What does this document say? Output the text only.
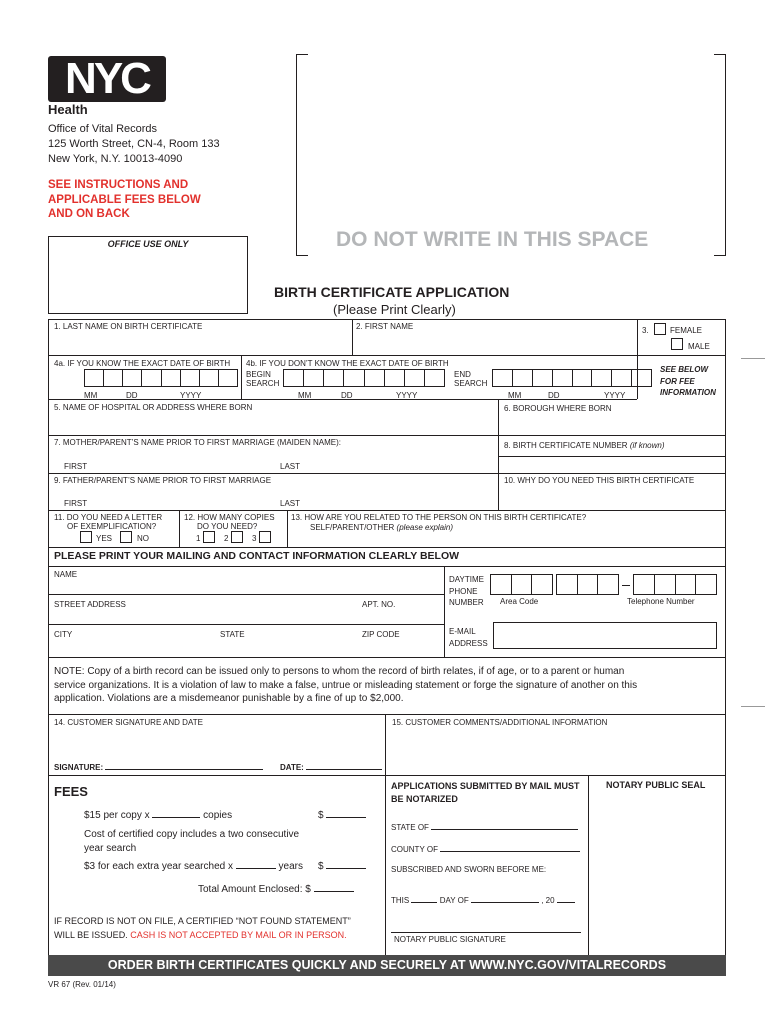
NYC	™
Health
Office of Vital Records
125 Worth Street, CN-4, Room 133
New York, N.Y. 10013-4090
SEE INSTRUCTIONS AND
APPLICABLE FEES BELOW
AND ON BACK
OFFICE USE ONLY	DO NOT WRITE IN THIS SPACE
BIRTH CERTIFICATE APPLICATION
(Please Print Clearly)
1. LAST NAME ON BIRTH CERTIFICATE	2. FIRST NAME	3.	FEMALE
MALE
4a. IF YOU KNOW THE EXACT DATE OF BIRTH
MM	DD	YYYY
4b. IF YOU DON’T KNOW THE EXACT DATE OF BIRTH
BEGIN
SEARCH
MM	DD	YYYY
END
SEARCH
MM	DD	YYYY
SEE BELOW
FOR FEE
INFORMATION
5. NAME OF HOSPITAL OR ADDRESS WHERE BORN	6. BOROUGH WHERE BORN
7. MOTHER/PARENT’S NAME PRIOR TO FIRST MARRIAGE (MAIDEN NAME):
FIRST	LAST
8. BIRTH CERTIFICATE NUMBER (if known)
9. FATHER/PARENT’S NAME PRIOR TO FIRST MARRIAGE
FIRST	LAST
10. WHY DO YOU NEED THIS BIRTH CERTIFICATE
11. DO YOU NEED A LETTER
OF EXEMPLIFICATION?
YES	NO
12. HOW MANY COPIES
DO YOU NEED?
1	2	3
13. HOW ARE YOU RELATED TO THE PERSON ON THIS BIRTH CERTIFICATE?
SELF/PARENT/OTHER (please explain)
PLEASE PRINT YOUR MAILING AND CONTACT INFORMATION CLEARLY BELOW
NAME
STREET ADDRESS	APT. NO.
CITY	STATE	ZIP CODE
DAYTIME
PHONE
NUMBER Area Code	Telephone Number
E-MAIL
ADDRESS
NOTE: Copy of a birth record can be issued only to persons to whom the record of birth relates, if of age, or to a parent or human
service organizations. It is a violation of law to make a false, untrue or misleading statement or forge the signature of another on this
application. Violations are a misdemeanor punishable by a fine of up to $2,000.
14. CUSTOMER SIGNATURE AND DATE
SIGNATURE:	DATE:
15. CUSTOMER COMMENTS/ADDITIONAL INFORMATION
FEES
$15 per copy x	copies	$
Cost of certified copy includes a two consecutive
year search
$3 for each extra year searched x	years $
Total Amount Enclosed: $
IF RECORD IS NOT ON FILE, A CERTIFIED “NOT FOUND STATEMENT”
WILL BE ISSUED. CASH IS NOT ACCEPTED BY MAIL OR IN PERSON.
APPLICATIONS SUBMITTED BY MAIL MUST
BE NOTARIZED
NOTARY PUBLIC SEAL
STATE OF
COUNTY OF
SUBSCRIBED AND SWORN BEFORE ME:
THIS	DAY OF	, 20
NOTARY PUBLIC SIGNATURE
ORDER BIRTH CERTIFICATES QUICKLY AND SECURELY AT WWW.NYC.GOV/VITALRECORDS
VR 67 (Rev. 01/14)
